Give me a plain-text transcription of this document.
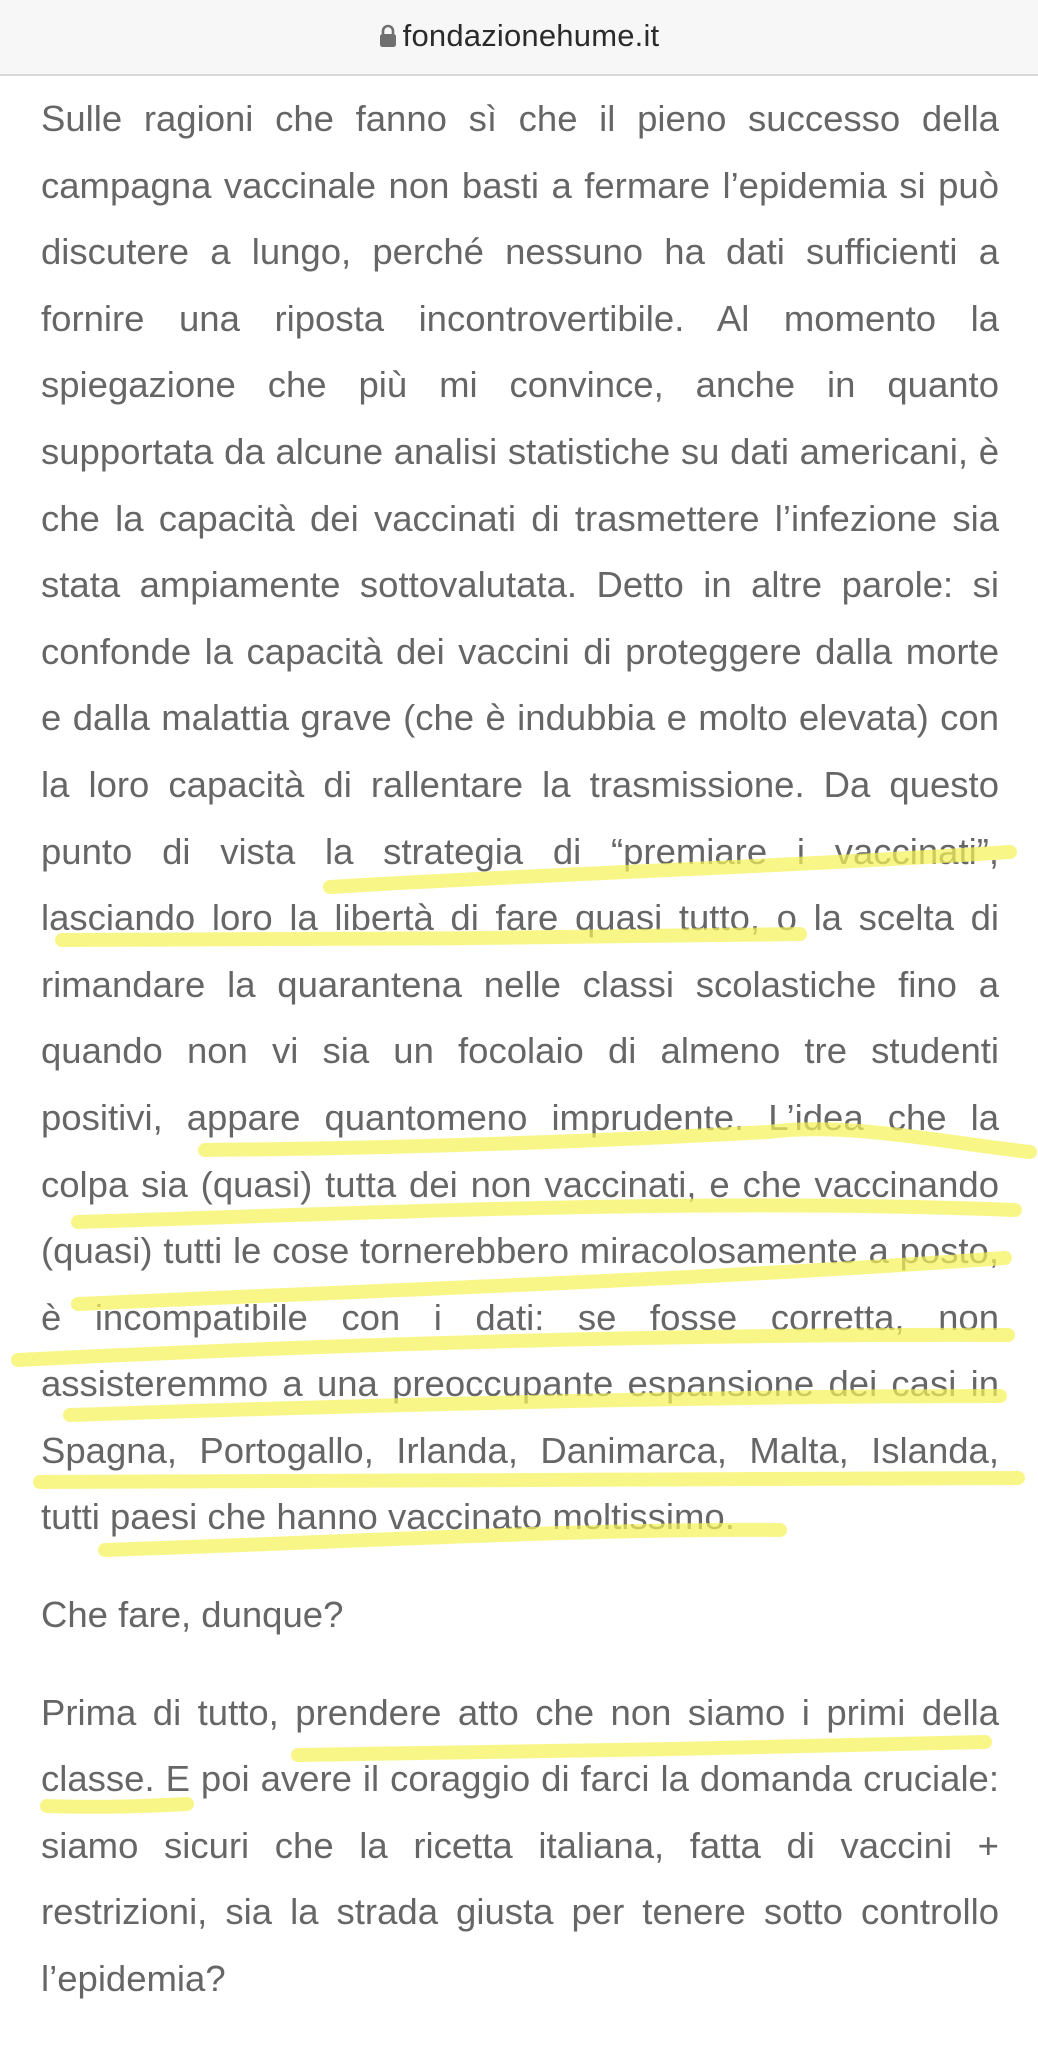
fondazionehume.it

Sulle ragioni che fanno sì che il pieno successo della campagna vaccinale non basti a fermare l’epidemia si può discutere a lungo, perché nessuno ha dati sufficienti a fornire una riposta incontrovertibile. Al momento la spiegazione che più mi convince, anche in quanto supportata da alcune analisi statistiche su dati americani, è che la capacità dei vaccinati di trasmettere l’infezione sia stata ampiamente sottovalutata. Detto in altre parole: si confonde la capacità dei vaccini di proteggere dalla morte e dalla malattia grave (che è indubbia e molto elevata) con la loro capacità di rallentare la trasmissione. Da questo punto di vista la strategia di “premiare i vaccinati”, lasciando loro la libertà di fare quasi tutto, o la scelta di rimandare la quarantena nelle classi scolastiche fino a quando non vi sia un focolaio di almeno tre studenti positivi, appare quantomeno imprudente. L’idea che la colpa sia (quasi) tutta dei non vaccinati, e che vaccinando (quasi) tutti le cose tornerebbero miracolosamente a posto, è incompatibile con i dati: se fosse corretta, non assisteremmo a una preoccupante espansione dei casi in Spagna, Portogallo, Irlanda, Danimarca, Malta, Islanda, tutti paesi che hanno vaccinato moltissimo.

Che fare, dunque?

Prima di tutto, prendere atto che non siamo i primi della classe. E poi avere il coraggio di farci la domanda cruciale: siamo sicuri che la ricetta italiana, fatta di vaccini + restrizioni, sia la strada giusta per tenere sotto controllo l’epidemia?
